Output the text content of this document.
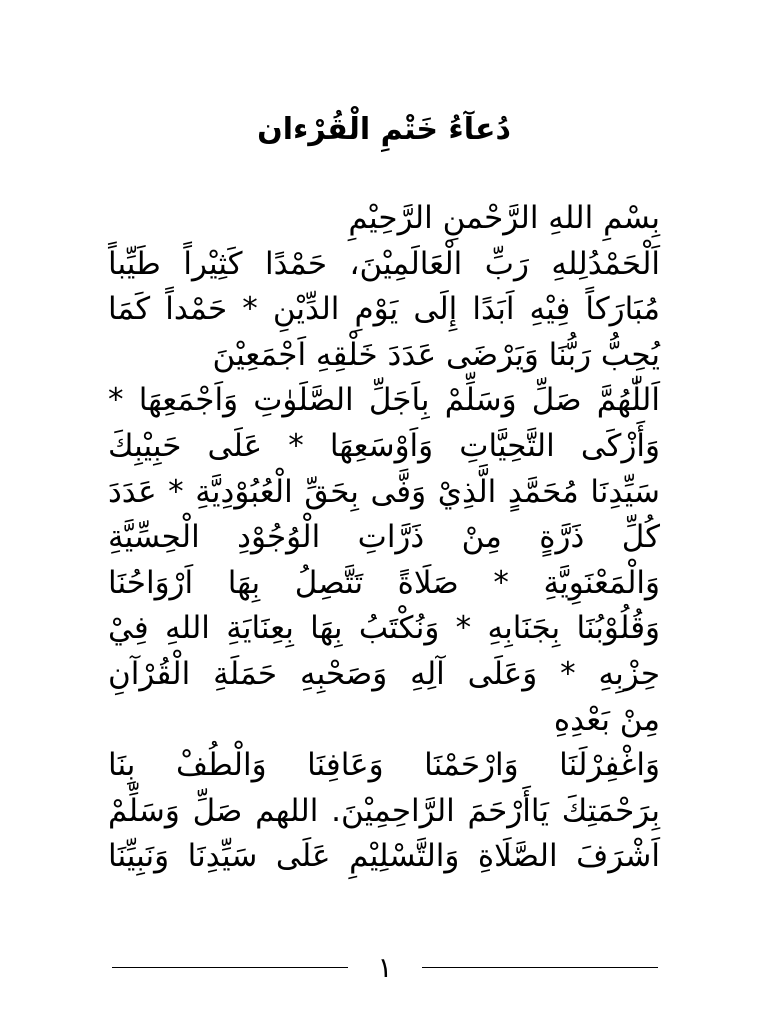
دُعآءُ خَتْمِ الْقُرْءان
بِسْمِ اللهِ الرَّحْمنِ الرَّحِيْمِ
اَلْحَمْدُلِلهِ رَبِّ الْعَالَمِيْنَ، حَمْدًا كَثِيْراً طَيِّباً
مُبَارَكاً فِيْهِ اَبَدًا إِلَى يَوْمِ الدِّيْنِ * حَمْداً كَمَا
يُحِبُّ رَبُّنَا وَيَرْضَى عَدَدَ خَلْقِهِ اَجْمَعِيْنَ
اَللّٰهُمَّ صَلِّ وَسَلِّمْ بِاَجَلِّ الصَّلَوٰتِ وَاَجْمَعِهَا *
وَأَزْكَى التَّحِيَّاتِ وَاَوْسَعِهَا * عَلَى حَبِيْبِكَ
سَيِّدِنَا مُحَمَّدٍ الَّذِيْ وَفَّى بِحَقِّ الْعُبُوْدِيَّةِ * عَدَدَ
كُلِّ ذَرَّةٍ مِنْ ذَرَّاتِ الْوُجُوْدِ الْحِسِّيَّةِ
وَالْمَعْنَوِيَّةِ * صَلَاةً تَتَّصِلُ بِهَا اَرْوَاحُنَا
وَقُلُوْبُنَا بِجَنَابِهِ * وَنُكْتَبُ بِهَا بِعِنَايَةِ اللهِ فِيْ
حِزْبِهِ * وَعَلَى آلِهِ وَصَحْبِهِ حَمَلَةِ الْقُرْآنِ
مِنْ بَعْدِهِ
وَاغْفِرْلَنَا وَارْحَمْنَا وَعَافِنَا وَالْطُفْ بِنَا
بِرَحْمَتِكَ يَاأَرْحَمَ الرَّاحِمِيْنَ. اللهم صَلِّ وَسَلِّمْ
اَشْرَفَ الصَّلَاةِ وَالتَّسْلِيْمِ عَلَى سَيِّدِنَا وَنَبِيِّنَا
١
